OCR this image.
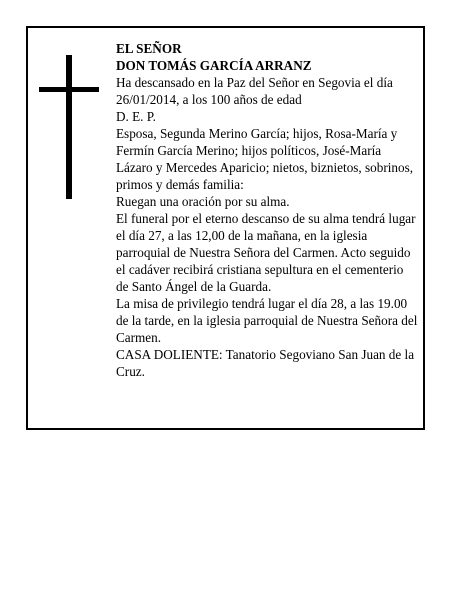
EL SEÑOR

DON TOMÁS GARCÍA ARRANZ

Ha descansado en la Paz del Señor en Segovia el día 26/01/2014, a los 100 años de edad

D. E. P.

Esposa, Segunda Merino García; hijos, Rosa-María y Fermín García Merino; hijos políticos, José-María Lázaro y Mercedes Aparicio; nietos, biznietos, sobrinos, primos y demás familia:

Ruegan una oración por su alma.

El funeral por el eterno descanso de su alma tendrá lugar el día 27, a las 12,00 de la mañana, en la iglesia parroquial de Nuestra Señora del Carmen. Acto seguido el cadáver recibirá cristiana sepultura en el cementerio de Santo Ángel de la Guarda.

La misa de privilegio tendrá lugar el día 28, a las 19.00 de la tarde, en la iglesia parroquial de Nuestra Señora del Carmen.

CASA DOLIENTE: Tanatorio Segoviano San Juan de la Cruz.
